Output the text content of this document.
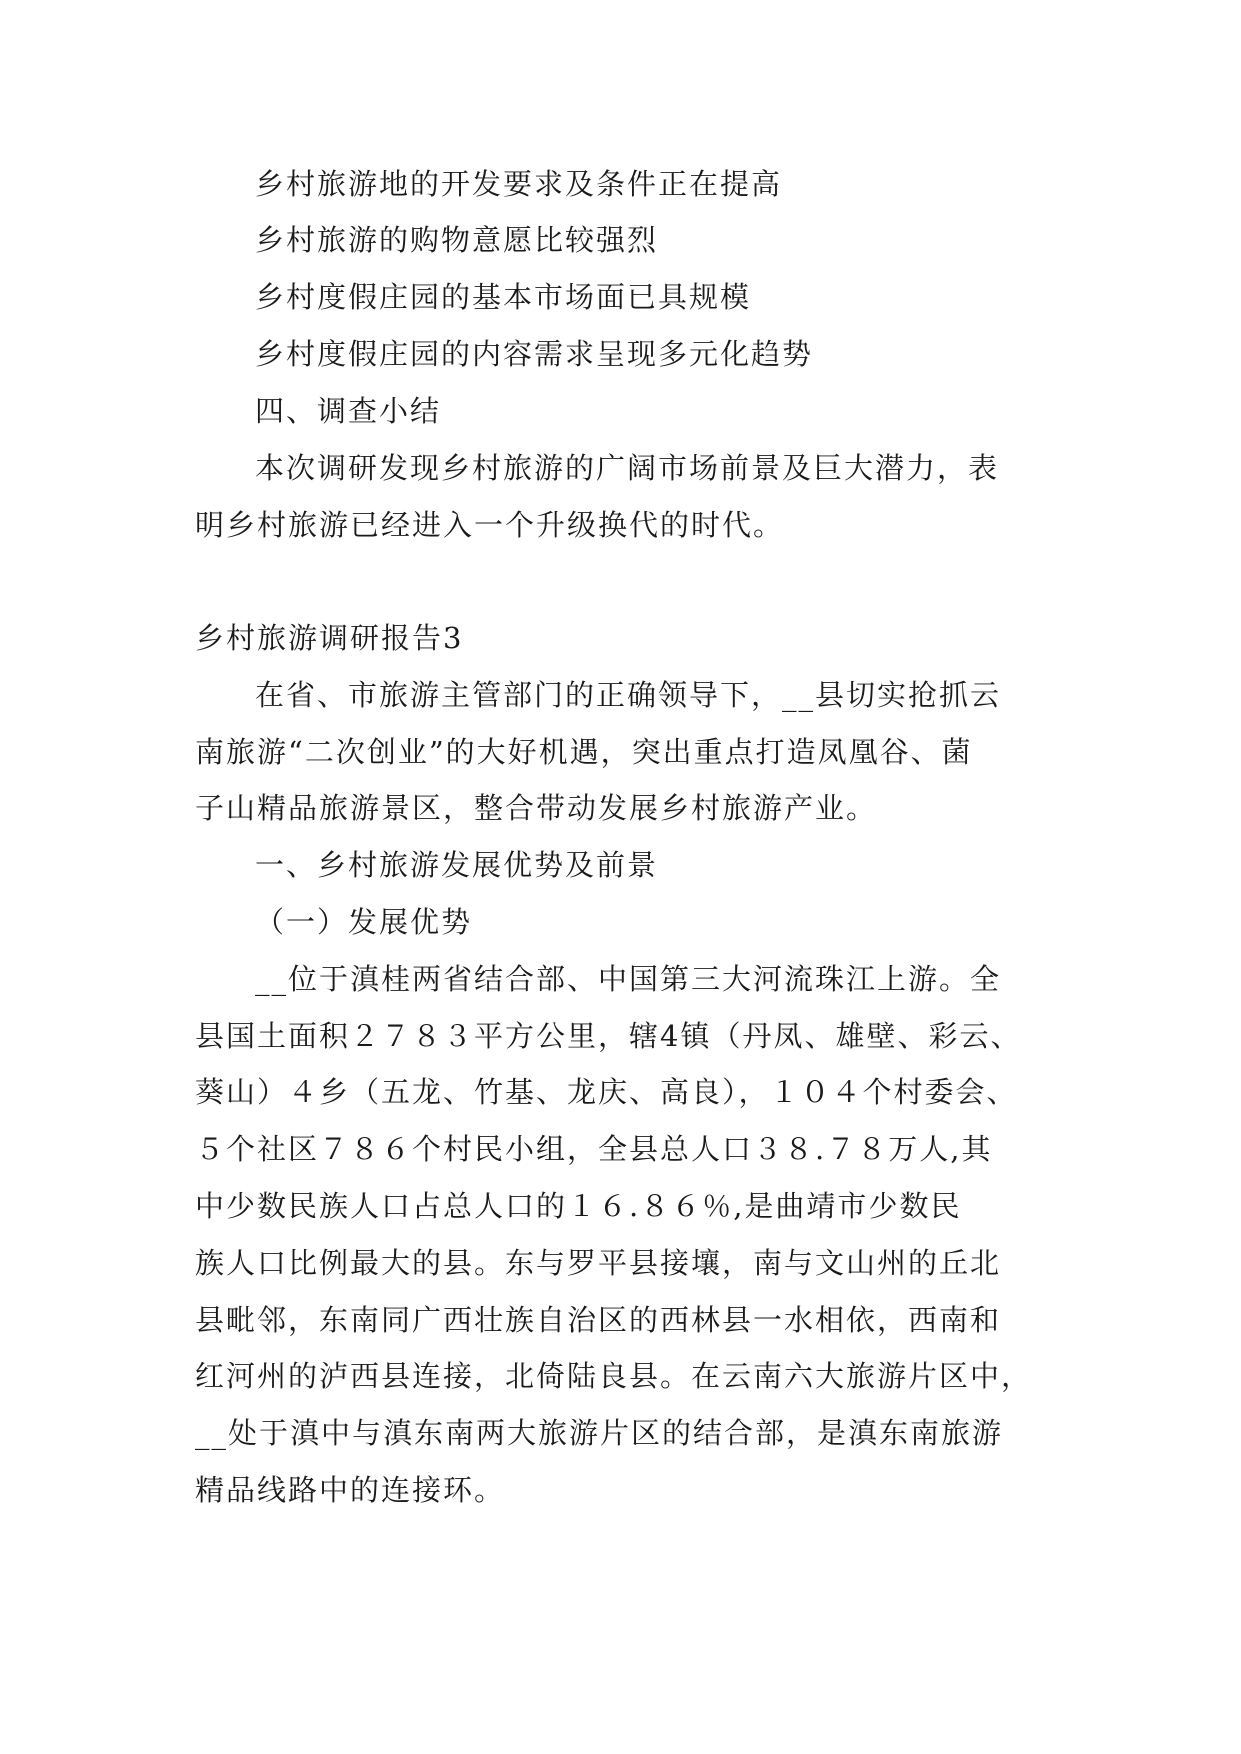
乡村旅游地的开发要求及条件正在提高
乡村旅游的购物意愿比较强烈
乡村度假庄园的基本市场面已具规模
乡村度假庄园的内容需求呈现多元化趋势
四、调查小结
本次调研发现乡村旅游的广阔市场前景及巨大潜力，表
明乡村旅游已经进入一个升级换代的时代。
乡村旅游调研报告3
在省、市旅游主管部门的正确领导下，__县切实抢抓云
南旅游“二次创业”的大好机遇，突出重点打造凤凰谷、菌
子山精品旅游景区，整合带动发展乡村旅游产业。
一、乡村旅游发展优势及前景
（一）发展优势
__位于滇桂两省结合部、中国第三大河流珠江上游。全
县国土面积２７８３平方公里，辖4镇（丹凤、雄壁、彩云、
葵山）４乡（五龙、竹基、龙庆、高良），１０４个村委会、
５个社区７８６个村民小组，全县总人口３８.７８万人,其
中少数民族人口占总人口的１６.８６％,是曲靖市少数民
族人口比例最大的县。东与罗平县接壤，南与文山州的丘北
县毗邻，东南同广西壮族自治区的西林县一水相依，西南和
红河州的泸西县连接，北倚陆良县。在云南六大旅游片区中，
__处于滇中与滇东南两大旅游片区的结合部，是滇东南旅游
精品线路中的连接环。
